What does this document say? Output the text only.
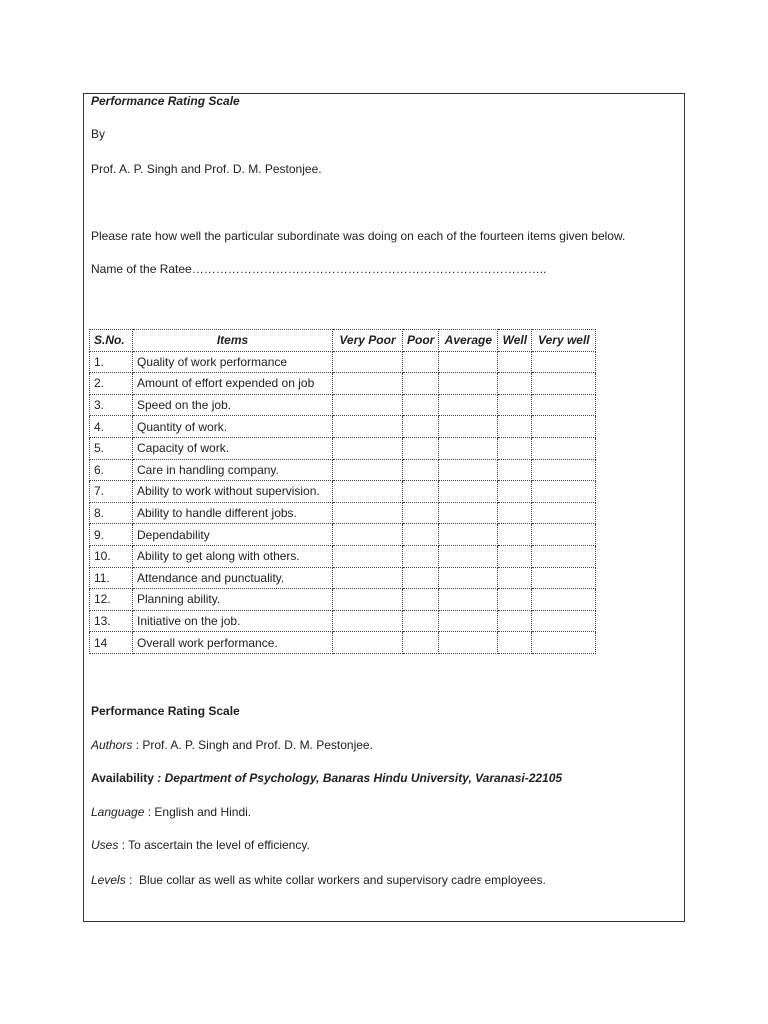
Performance Rating Scale
By
Prof. A. P. Singh and Prof. D. M. Pestonjee.
Please rate how well the particular subordinate was doing on each of the fourteen items given below.
Name of the Ratee……………………………………………………………………………..
S.No.	Items	Very Poor	Poor	Average	Well	Very well
1.	Quality of work performance					
2.	Amount of effort expended on job					
3.	Speed on the job.					
4.	Quantity of work.					
5.	Capacity of work.					
6.	Care in handling company.					
7.	Ability to work without supervision.					
8.	Ability to handle different jobs.					
9.	Dependability					
10.	Ability to get along with others.					
11.	Attendance and punctuality.					
12.	Planning ability.					
13.	Initiative on the job.					
14	Overall work performance.					
Performance Rating Scale
Authors : Prof. A. P. Singh and Prof. D. M. Pestonjee.
Availability : Department of Psychology, Banaras Hindu University, Varanasi-22105
Language : English and Hindi.
Uses : To ascertain the level of efficiency.
Levels :  Blue collar as well as white collar workers and supervisory cadre employees.
